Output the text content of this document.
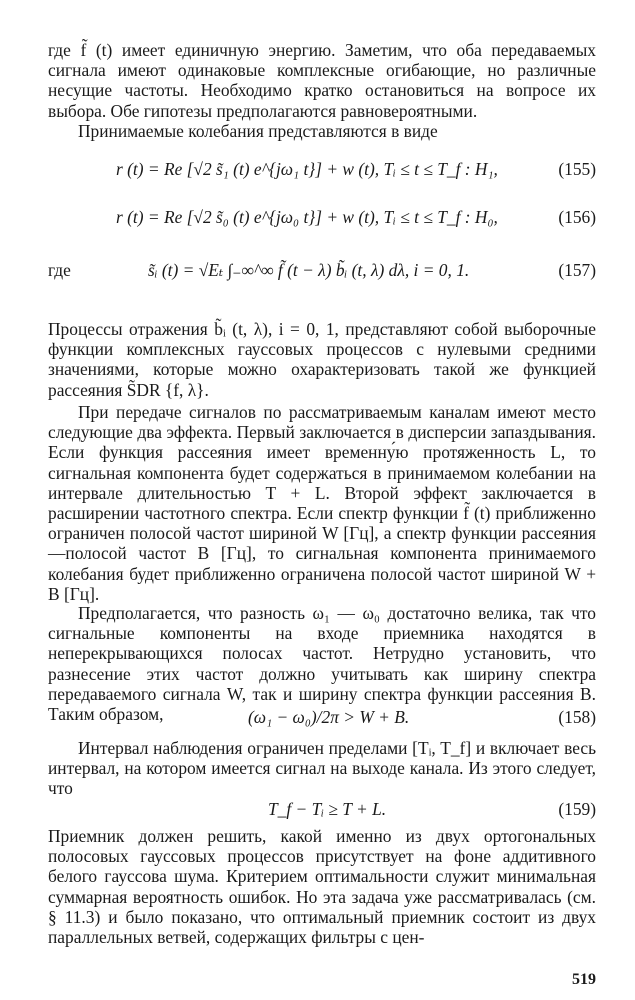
где f̃ (t) имеет единичную энергию. Заметим, что оба передаваемых сигнала имеют одинаковые комплексные огибающие, но различные несущие частоты. Необходимо кратко остановиться на вопросе их выбора. Обе гипотезы предполагаются равновероятными.

Принимаемые колебания представляются в виде

r (t) = Re [√2 s̃₁ (t) e^{jω₁ t}] + w (t), Tᵢ ≤ t ≤ T_f : H₁,	(155)
r (t) = Re [√2 s̃₀ (t) e^{jω₀ t}] + w (t), Tᵢ ≤ t ≤ T_f : H₀,	(156)
где	s̃ᵢ (t) = √Eₜ ∫₋∞^∞ f̃ (t − λ) b̃ᵢ (t, λ) dλ, i = 0, 1.	(157)

Процессы отражения b̃ᵢ (t, λ), i = 0, 1, представляют собой выборочные функции комплексных гауссовых процессов с нулевыми средними значениями, которые можно охарактеризовать такой же функцией рассеяния S̃DR {f, λ}.

При передаче сигналов по рассматриваемым каналам имеют место следующие два эффекта. Первый заключается в дисперсии запаздывания. Если функция рассеяния имеет временну́ю протяженность L, то сигнальная компонента будет содержаться в принимаемом колебании на интервале длительностью T + L. Второй эффект заключается в расширении частотного спектра. Если спектр функции f̃ (t) приближенно ограничен полосой частот шириной W [Гц], а спектр функции рассеяния—полосой частот B [Гц], то сигнальная компонента принимаемого колебания будет приближенно ограничена полосой частот шириной W + B [Гц].

Предполагается, что разность ω₁ — ω₀ достаточно велика, так что сигнальные компоненты на входе приемника находятся в неперекрывающихся полосах частот. Нетрудно установить, что разнесение этих частот должно учитывать как ширину спектра передаваемого сигнала W, так и ширину спектра функции рассеяния B. Таким образом,	(ω₁ − ω₀)/2π > W + B.	(158)

Интервал наблюдения ограничен пределами [Tᵢ, T_f] и включает весь интервал, на котором имеется сигнал на выходе канала. Из этого следует, что

T_f − Tᵢ ≥ T + L.	(159)

Приемник должен решить, какой именно из двух ортогональных полосовых гауссовых процессов присутствует на фоне аддитивного белого гауссова шума. Критерием оптимальности служит минимальная суммарная вероятность ошибок. Но эта задача уже рассматривалась (см. § 11.3) и было показано, что оптимальный приемник состоит из двух параллельных ветвей, содержащих фильтры с цен-

519
